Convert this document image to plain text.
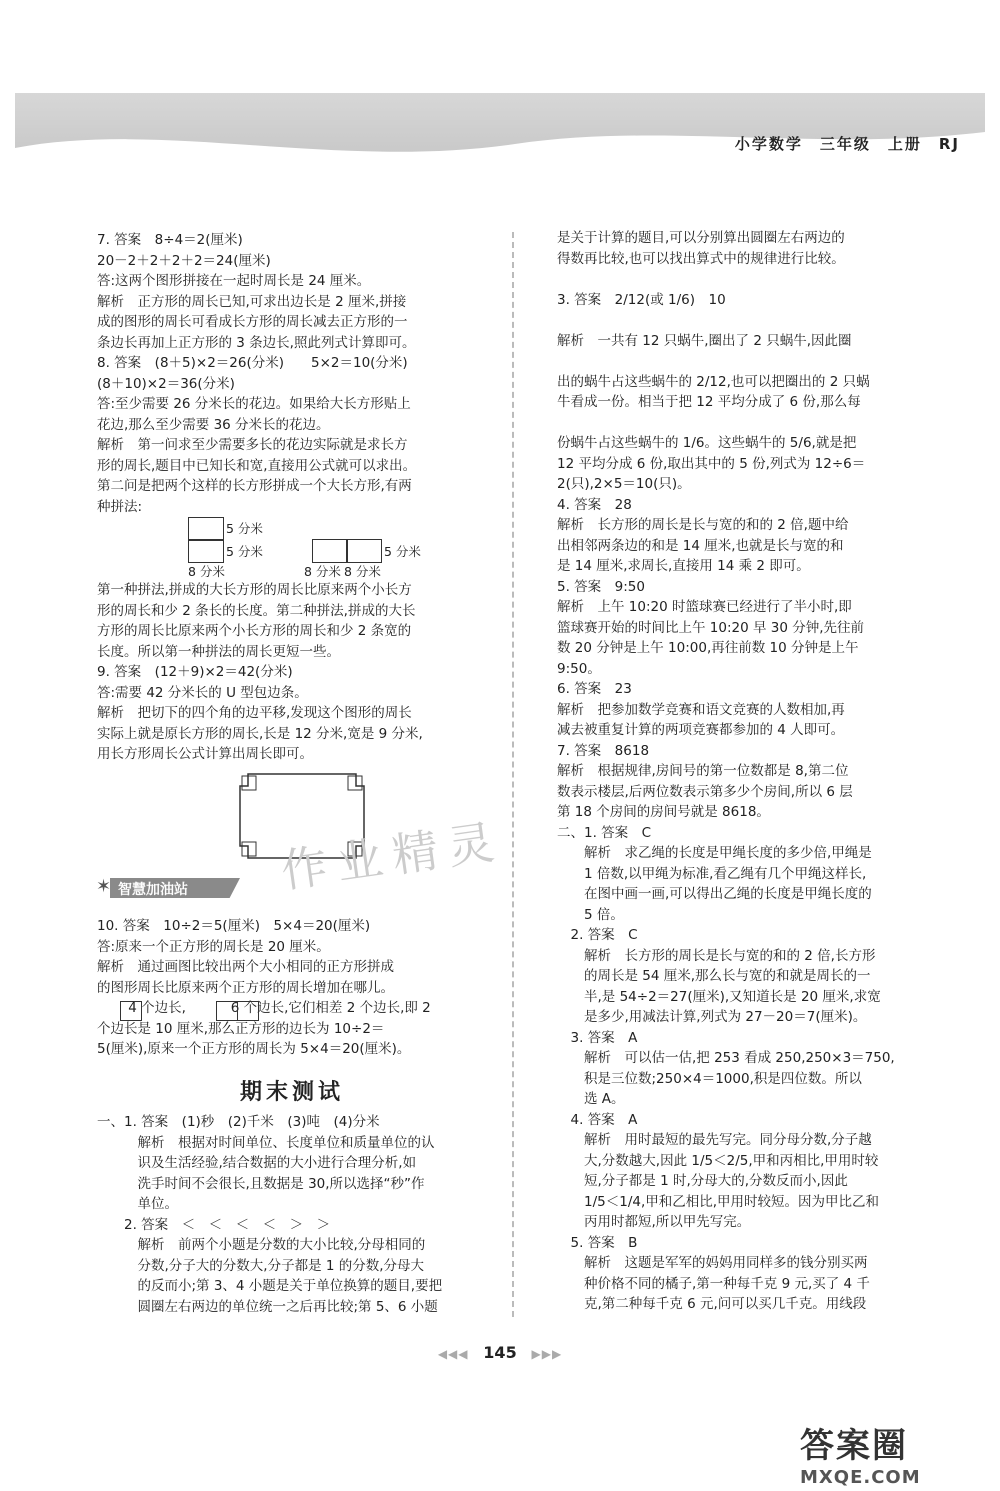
小学数学　三年级　上册　RJ
7. 答案　8÷4＝2(厘米)
20－2＋2＋2＋2＝24(厘米)
答:这两个图形拼接在一起时周长是 24 厘米。
解析　正方形的周长已知,可求出边长是 2 厘米,拼接
成的图形的周长可看成长方形的周长减去正方形的一
条边长再加上正方形的 3 条边长,照此列式计算即可。
8. 答案　(8＋5)×2＝26(分米)　　5×2＝10(分米)
(8＋10)×2＝36(分米)
答:至少需要 26 分米长的花边。如果给大长方形贴上
花边,那么至少需要 36 分米长的花边。
解析　第一问求至少需要多长的花边实际就是求长方
形的周长,题目中已知长和宽,直接用公式就可以求出。
第二问是把两个这样的长方形拼成一个大长方形,有两
种拼法:
5 分米
5 分米
8 分米
5 分米
8 分米 8 分米
第一种拼法,拼成的大长方形的周长比原来两个小长方
形的周长和少 2 条长的长度。第二种拼法,拼成的大长
方形的周长比原来两个小长方形的周长和少 2 条宽的
长度。所以第一种拼法的周长更短一些。
9. 答案　(12＋9)×2＝42(分米)
答:需要 42 分米长的 U 型包边条。
解析　把切下的四个角的边平移,发现这个图形的周长
实际上就是原长方形的周长,长是 12 分米,宽是 9 分米,
用长方形周长公式计算出周长即可。
✶ 智慧加油站
10. 答案　10÷2＝5(厘米)　5×4＝20(厘米)
答:原来一个正方形的周长是 20 厘米。
解析　通过画图比较出两个大小相同的正方形拼成
的图形周长比原来两个正方形的周长增加在哪儿。
　　 4 个边长,　　　 6 个边长,它们相差 2 个边长,即 2
个边长是 10 厘米,那么正方形的边长为 10÷2＝
5(厘米),原来一个正方形的周长为 5×4＝20(厘米)。
期末测试
一、1. 答案　(1)秒　(2)千米　(3)吨　(4)分米
　　　解析　根据对时间单位、长度单位和质量单位的认
　　　识及生活经验,结合数据的大小进行合理分析,如
　　　洗手时间不会很长,且数据是 30,所以选择“秒”作
　　　单位。
　　2. 答案　＜　＜　＜　＜　＞　＞
　　　解析　前两个小题是分数的大小比较,分母相同的
　　　分数,分子大的分数大,分子都是 1 的分数,分母大
　　　的反而小;第 3、4 小题是关于单位换算的题目,要把
　　　圆圈左右两边的单位统一之后再比较;第 5、6 小题
是关于计算的题目,可以分别算出圆圈左右两边的
得数再比较,也可以找出算式中的规律进行比较。
3. 答案　2/12(或 1/6)　10
解析　一共有 12 只蜗牛,圈出了 2 只蜗牛,因此圈
出的蜗牛占这些蜗牛的 2/12,也可以把圈出的 2 只蜗
牛看成一份。相当于把 12 平均分成了 6 份,那么每
份蜗牛占这些蜗牛的 1/6。这些蜗牛的 5/6,就是把
12 平均分成 6 份,取出其中的 5 份,列式为 12÷6＝
2(只),2×5＝10(只)。
4. 答案　28
解析　长方形的周长是长与宽的和的 2 倍,题中给
出相邻两条边的和是 14 厘米,也就是长与宽的和
是 14 厘米,求周长,直接用 14 乘 2 即可。
5. 答案　9:50
解析　上午 10:20 时篮球赛已经进行了半小时,即
篮球赛开始的时间比上午 10:20 早 30 分钟,先往前
数 20 分钟是上午 10:00,再往前数 10 分钟是上午
9:50。
6. 答案　23
解析　把参加数学竞赛和语文竞赛的人数相加,再
减去被重复计算的两项竞赛都参加的 4 人即可。
7. 答案　8618
解析　根据规律,房间号的第一位数都是 8,第二位
数表示楼层,后两位数表示第多少个房间,所以 6 层
第 18 个房间的房间号就是 8618。
二、1. 答案　C
　　解析　求乙绳的长度是甲绳长度的多少倍,甲绳是
　　1 倍数,以甲绳为标准,看乙绳有几个甲绳这样长,
　　在图中画一画,可以得出乙绳的长度是甲绳长度的
　　5 倍。
　2. 答案　C
　　解析　长方形的周长是长与宽的和的 2 倍,长方形
　　的周长是 54 厘米,那么长与宽的和就是周长的一
　　半,是 54÷2＝27(厘米),又知道长是 20 厘米,求宽
　　是多少,用减法计算,列式为 27－20＝7(厘米)。
　3. 答案　A
　　解析　可以估一估,把 253 看成 250,250×3＝750,
　　积是三位数;250×4＝1000,积是四位数。所以
　　选 A。
　4. 答案　A
　　解析　用时最短的最先写完。同分母分数,分子越
　　大,分数越大,因此 1/5＜2/5,甲和丙相比,甲用时较
　　短,分子都是 1 时,分母大的,分数反而小,因此
　　1/5＜1/4,甲和乙相比,甲用时较短。因为甲比乙和
　　丙用时都短,所以甲先写完。
　5. 答案　B
　　解析　这题是军军的妈妈用同样多的钱分别买两
　　种价格不同的橘子,第一种每千克 9 元,买了 4 千
　　克,第二种每千克 6 元,问可以买几千克。用线段
作业精灵
◀◀◀ 145 ▶▶▶
答案圈
MXQE.COM
